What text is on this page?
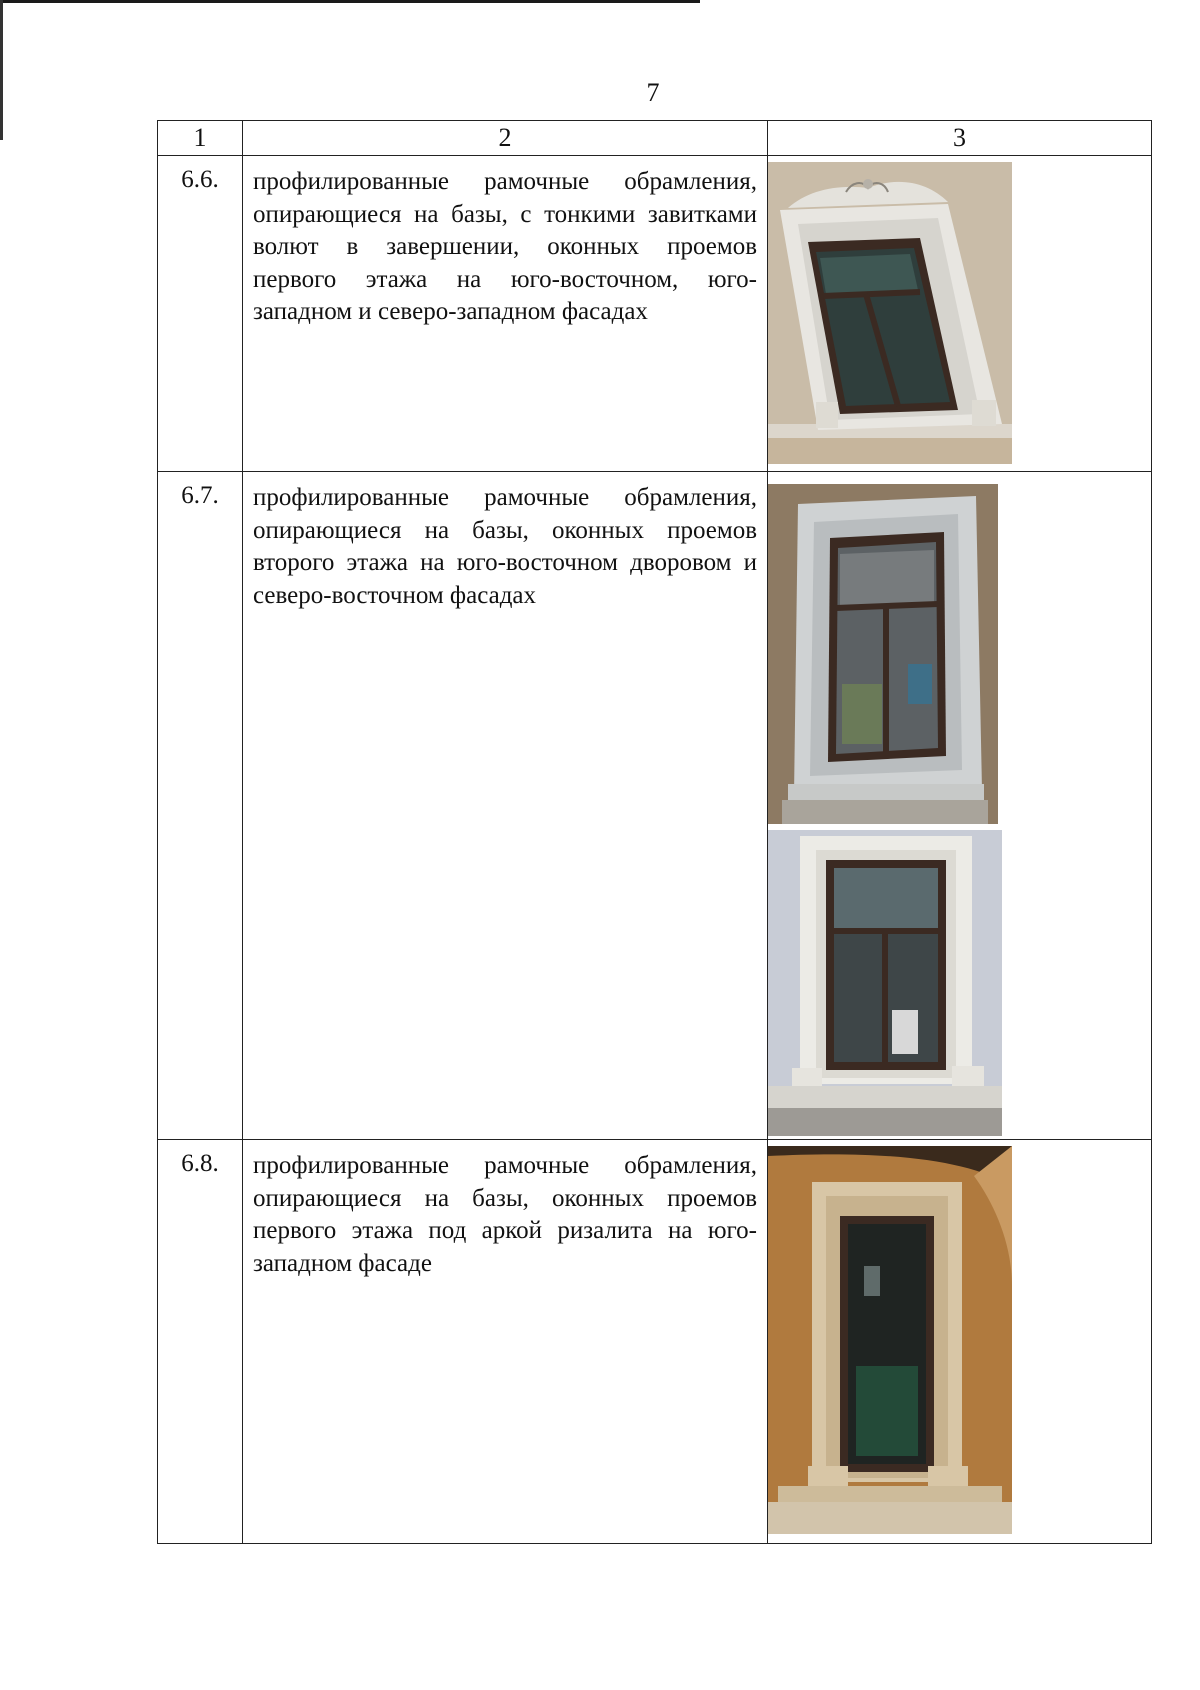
7
1	2	3
6.6.	профилированные рамочные обрамления, опирающиеся на базы, с тонкими завитками волют в завершении, оконных проемов первого этажа на юго-восточном, юго-западном и северо-западном фасадах	

6.7.	профилированные рамочные обрамления, опирающиеся на базы, оконных проемов второго этажа на юго-восточном дворовом и северо-восточном фасадах	

6.8.	профилированные рамочные обрамления, опирающиеся на базы, оконных проемов первого этажа под аркой ризалита на юго-западном фасаде	
